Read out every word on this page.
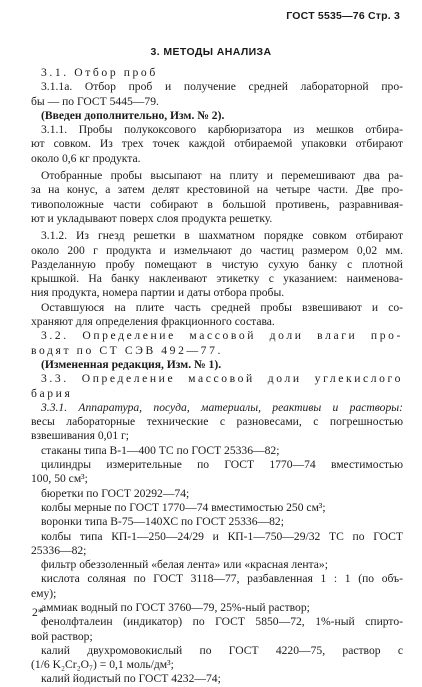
ГОСТ 5535—76 Стр. 3
3. МЕТОДЫ АНАЛИЗА
3.1. Отбор проб
3.1.1a. Отбор проб и получение средней лабораторной про-
бы — по ГОСТ 5445—79.
(Введен дополнительно, Изм. № 2).
3.1.1. Пробы полукоксового карбюризатора из мешков отбира-
ют совком. Из трех точек каждой отбираемой упаковки отбирают
около 0,6 кг продукта.
Отобранные пробы высыпают на плиту и перемешивают два ра-
за на конус, а затем делят крестовиной на четыре части. Две про-
тивоположные части собирают в большой противень, разравнивая-
ют и укладывают поверх слоя продукта решетку.
3.1.2. Из гнезд решетки в шахматном порядке совком отбирают
около 200 г продукта и измельчают до частиц размером 0,02 мм.
Разделанную пробу помещают в чистую сухую банку с плотной
крышкой. На банку наклеивают этикетку с указанием: наименова-
ния продукта, номера партии и даты отбора пробы.
Оставшуюся на плите часть средней пробы взвешивают и со-
храняют для определения фракционного состава.
3.2. Определение массовой доли влаги про-
водят по СТ СЭВ 492—77.
(Измененная редакция, Изм. № 1).
3.3. Определение массовой доли углекислого
бария
3.3.1. Аппаратура, посуда, материалы, реактивы и растворы:
весы лабораторные технические с разновесами, с погрешностью
взвешивания 0,01 г;
стаканы типа В-1—400 ТС по ГОСТ 25336—82;
цилиндры измерительные по ГОСТ 1770—74 вместимостью
100, 50 см³;
бюретки по ГОСТ 20292—74;
колбы мерные по ГОСТ 1770—74 вместимостью 250 см³;
воронки типа В-75—140ХС по ГОСТ 25336—82;
колбы типа КП-1—250—24/29 и КП-1—750—29/32 ТС по ГОСТ
25336—82;
фильтр обеззоленный «белая лента» или «красная лента»;
кислота соляная по ГОСТ 3118—77, разбавленная 1 : 1 (по объ-
ему);
аммиак водный по ГОСТ 3760—79, 25%-ный раствор;
фенолфталеин (индикатор) по ГОСТ 5850—72, 1%-ный спирто-
вой раствор;
калий двухромовокислый по ГОСТ 4220—75, раствор с
(1/6 K₂Cr₂O₇) = 0,1 моль/дм³;
калий йодистый по ГОСТ 4232—74;
2*
